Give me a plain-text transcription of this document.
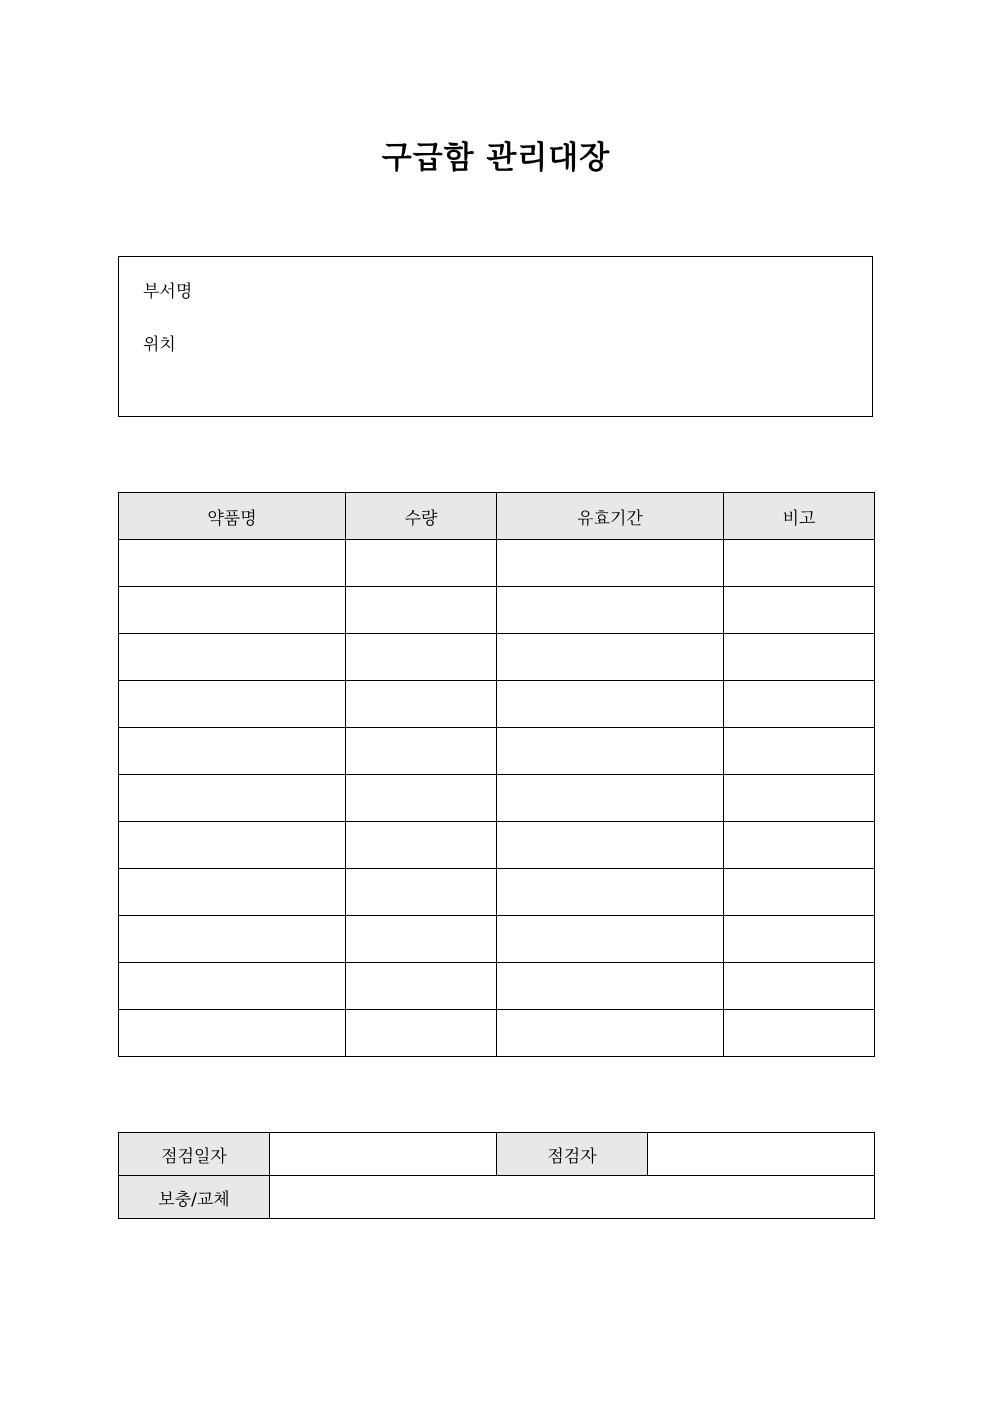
구급함 관리대장
부서명
위치
약품명	수량	유효기간	비고

점검일자		점검자	
보충/교체			
